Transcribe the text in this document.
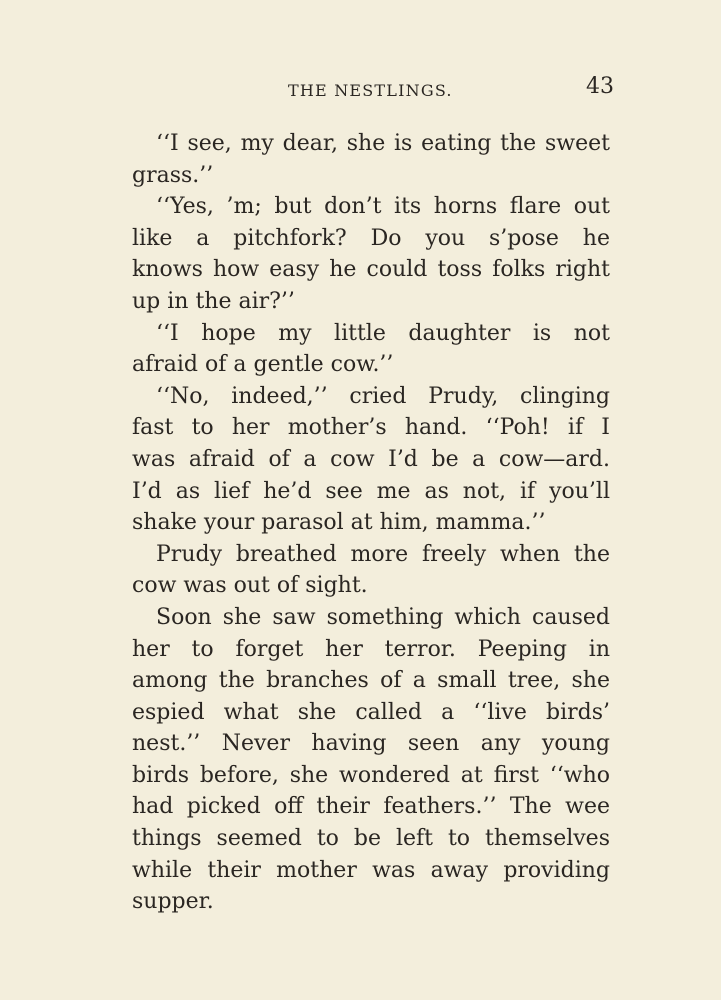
THE NESTLINGS.	43
‘‘I see, my dear, she is eating the sweet
grass.’’
‘‘Yes, ’m; but don’t its horns flare out
like a pitchfork? Do you s’pose he
knows how easy he could toss folks right
up in the air?’’
‘‘I hope my little daughter is not
afraid of a gentle cow.’’
‘‘No, indeed,’’ cried Prudy, clinging
fast to her mother’s hand. ‘‘Poh! if I
was afraid of a cow I’d be a cow—ard.
I’d as lief he’d see me as not, if you’ll
shake your parasol at him, mamma.’’
Prudy breathed more freely when the
cow was out of sight.
Soon she saw something which caused
her to forget her terror. Peeping in
among the branches of a small tree, she
espied what she called a ‘‘live birds’
nest.’’ Never having seen any young
birds before, she wondered at first ‘‘who
had picked off their feathers.’’ The wee
things seemed to be left to themselves
while their mother was away providing
supper.
